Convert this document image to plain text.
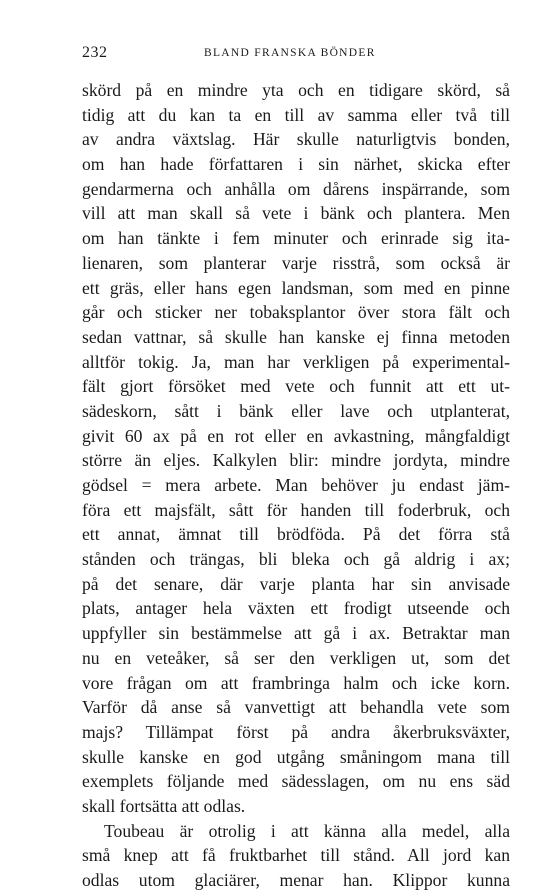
232	BLAND FRANSKA BÖNDER
skörd på en mindre yta och en tidigare skörd, så
tidig att du kan ta en till av samma eller två till
av andra växtslag. Här skulle naturligtvis bonden,
om han hade författaren i sin närhet, skicka efter
gendarmerna och anhålla om dårens inspärrande, som
vill att man skall så vete i bänk och plantera. Men
om han tänkte i fem minuter och erinrade sig ita-
lienaren, som planterar varje risstrå, som också är
ett gräs, eller hans egen landsman, som med en pinne
går och sticker ner tobaksplantor över stora fält och
sedan vattnar, så skulle han kanske ej finna metoden
alltför tokig. Ja, man har verkligen på experimental-
fält gjort försöket med vete och funnit att ett ut-
sädeskorn, sått i bänk eller lave och utplanterat,
givit 60 ax på en rot eller en avkastning, mångfaldigt
större än eljes. Kalkylen blir: mindre jordyta, mindre
gödsel = mera arbete. Man behöver ju endast jäm-
föra ett majsfält, sått för handen till foderbruk, och
ett annat, ämnat till brödföda. På det förra stå
stånden och trängas, bli bleka och gå aldrig i ax;
på det senare, där varje planta har sin anvisade
plats, antager hela växten ett frodigt utseende och
uppfyller sin bestämmelse att gå i ax. Betraktar man
nu en veteåker, så ser den verkligen ut, som det
vore frågan om att frambringa halm och icke korn.
Varför då anse så vanvettigt att behandla vete som
majs? Tillämpat först på andra åkerbruksväxter,
skulle kanske en god utgång småningom mana till
exemplets följande med sädesslagen, om nu ens säd
skall fortsätta att odlas.
Toubeau är otrolig i att känna alla medel, alla
små knep att få fruktbarhet till stånd. All jord kan
odlas utom glaciärer, menar han. Klippor kunna
